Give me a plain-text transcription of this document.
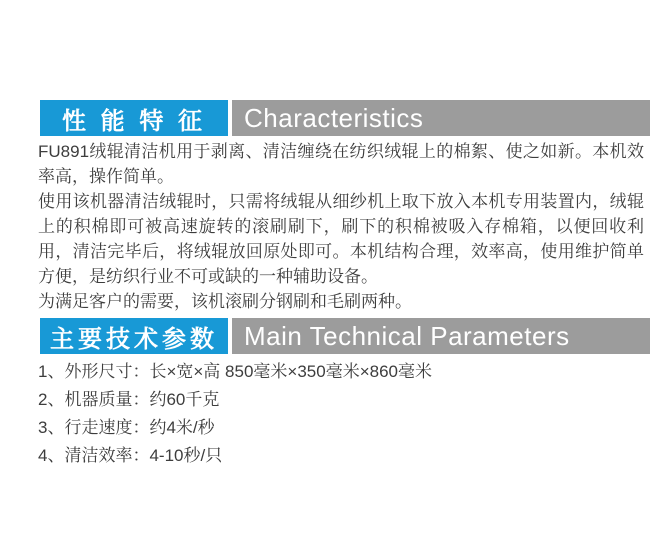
性 能 特 征	Characteristics

FU891绒辊清洁机用于剥离、清洁缠绕在纺织绒辊上的棉絮、使之如新。本机效率高，操作简单。

使用该机器清洁绒辊时，只需将绒辊从细纱机上取下放入本机专用装置内，绒辊上的积棉即可被高速旋转的滚刷刷下，刷下的积棉被吸入存棉箱，以便回收利用，清洁完毕后，将绒辊放回原处即可。本机结构合理，效率高，使用维护简单方便，是纺织行业不可或缺的一种辅助设备。

为满足客户的需要，该机滚刷分钢刷和毛刷两种。

主要技术参数	Main Technical Parameters
1、外形尺寸：长×宽×高 850毫米×350毫米×860毫米
2、机器质量：约60千克
3、行走速度：约4米/秒
4、清洁效率：4-10秒/只
